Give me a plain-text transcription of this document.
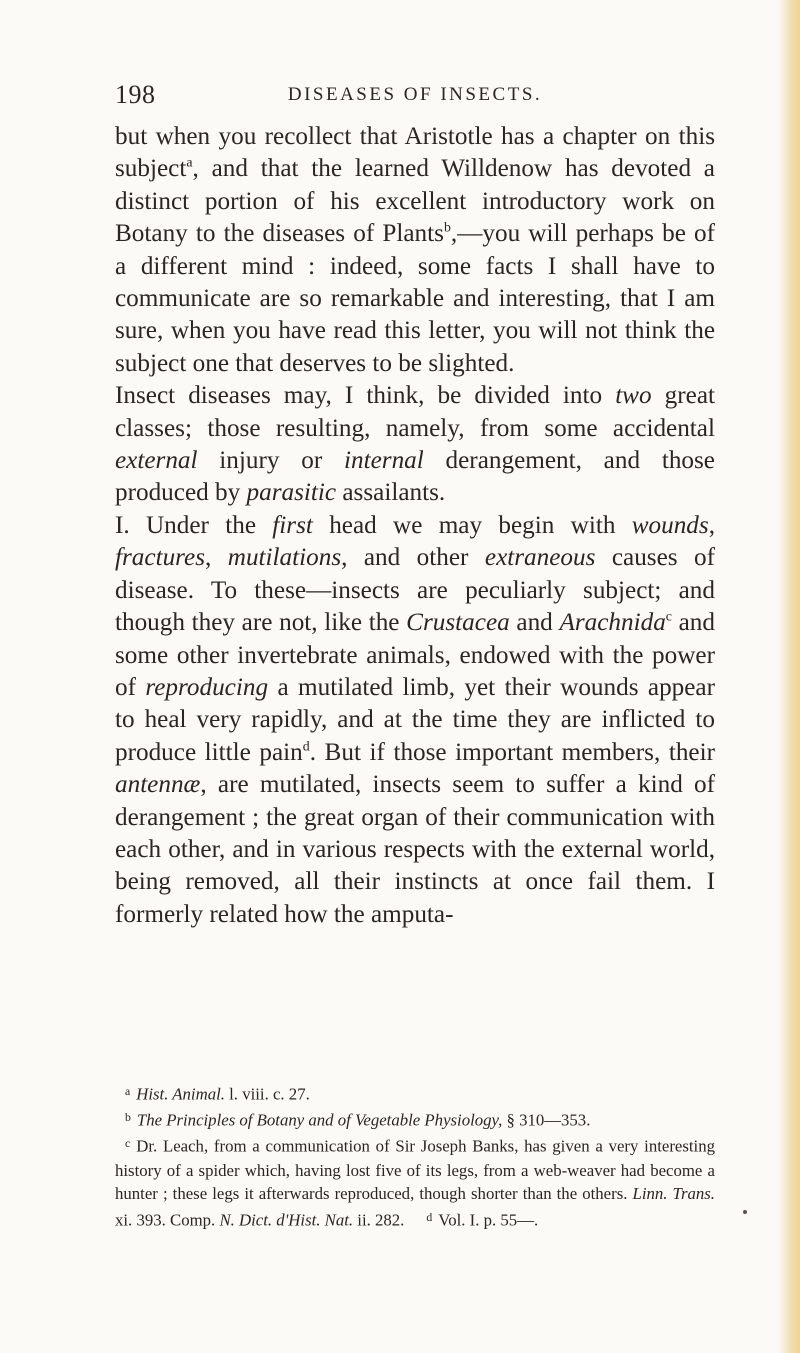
198	DISEASES OF INSECTS.

but when you recollect that Aristotle has a chapter on this subject$^a$, and that the learned Willdenow has devoted a distinct portion of his excellent introductory work on Botany to the diseases of Plants$^b$,—you will perhaps be of a different mind : indeed, some facts I shall have to communicate are so remarkable and interesting, that I am sure, when you have read this letter, you will not think the subject one that deserves to be slighted.

Insect diseases may, I think, be divided into two great classes; those resulting, namely, from some accidental external injury or internal derangement, and those produced by parasitic assailants.

I. Under the first head we may begin with wounds, fractures, mutilations, and other extraneous causes of disease. To these—insects are peculiarly subject; and though they are not, like the Crustacea and Arachnida$^c$ and some other invertebrate animals, endowed with the power of reproducing a mutilated limb, yet their wounds appear to heal very rapidly, and at the time they are inflicted to produce little pain$^d$. But if those important members, their antennæ, are mutilated, insects seem to suffer a kind of derangement ; the great organ of their communication with each other, and in various respects with the external world, being removed, all their instincts at once fail them. I formerly related how the amputa-

$^a$ Hist. Animal. l. viii. c. 27.

$^b$ The Principles of Botany and of Vegetable Physiology, § 310—353.

$^c$ Dr. Leach, from a communication of Sir Joseph Banks, has given a very interesting history of a spider which, having lost five of its legs, from a web-weaver had become a hunter ; these legs it afterwards reproduced, though shorter than the others. Linn. Trans. xi. 393. Comp. N. Dict. d'Hist. Nat. ii. 282. $^d$ Vol. I. p. 55—.
